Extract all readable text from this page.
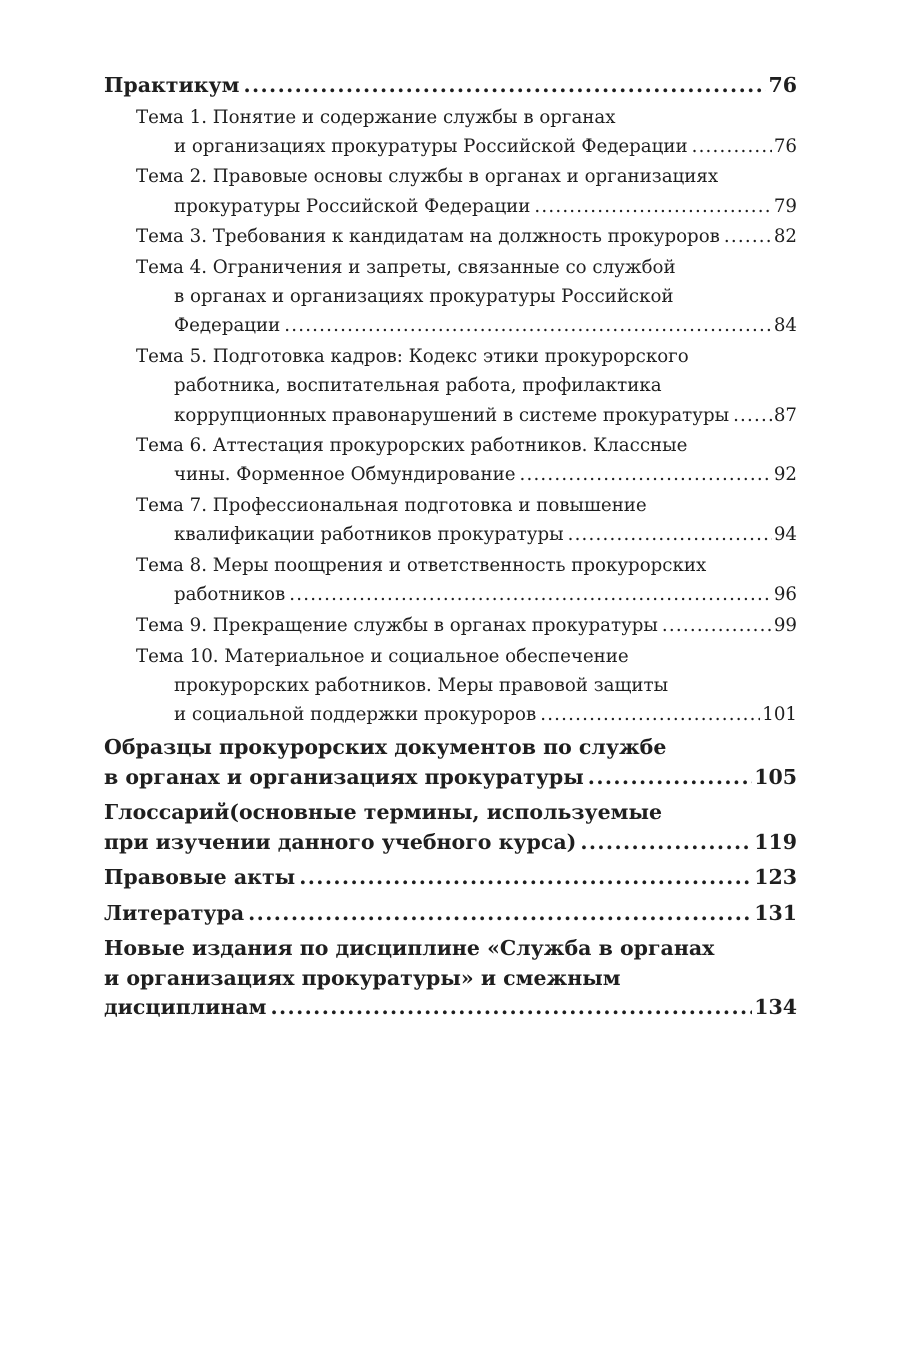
Практикум .....	76
Тема 1. Понятие и содержание службы в органах
и организациях прокуратуры Российской Федерации .....	76
Тема 2. Правовые основы службы в органах и организациях
прокуратуры Российской Федерации .....	79
Тема 3. Требования к кандидатам на должность прокуроров .....	82
Тема 4. Ограничения и запреты, связанные со службой
в органах и организациях прокуратуры Российской
Федерации .....	84
Тема 5. Подготовка кадров: Кодекс этики прокурорского
работника, воспитательная работа, профилактика
коррупционных правонарушений в системе прокуратуры ..... 87
Тема 6. Аттестация прокурорских работников. Классные
чины. Форменное Обмундирование .....	92
Тема 7. Профессиональная подготовка и повышение
квалификации работников прокуратуры .....	94
Тема 8. Меры поощрения и ответственность прокурорских
работников .....	96
Тема 9. Прекращение службы в органах прокуратуры .....	99
Тема 10. Материальное и социальное обеспечение
прокурорских работников. Меры правовой защиты
и социальной поддержки прокуроров .....	101
Образцы прокурорских документов по службе
в органах и организациях прокуратуры .....	105
Глоссарий(основные термины, используемые
при изучении данного учебного курса) .....	119
Правовые акты .....	123
Литература .....	131
Новые издания по дисциплине «Служба в органах
и организациях прокуратуры» и смежным
дисциплинам .....	134
